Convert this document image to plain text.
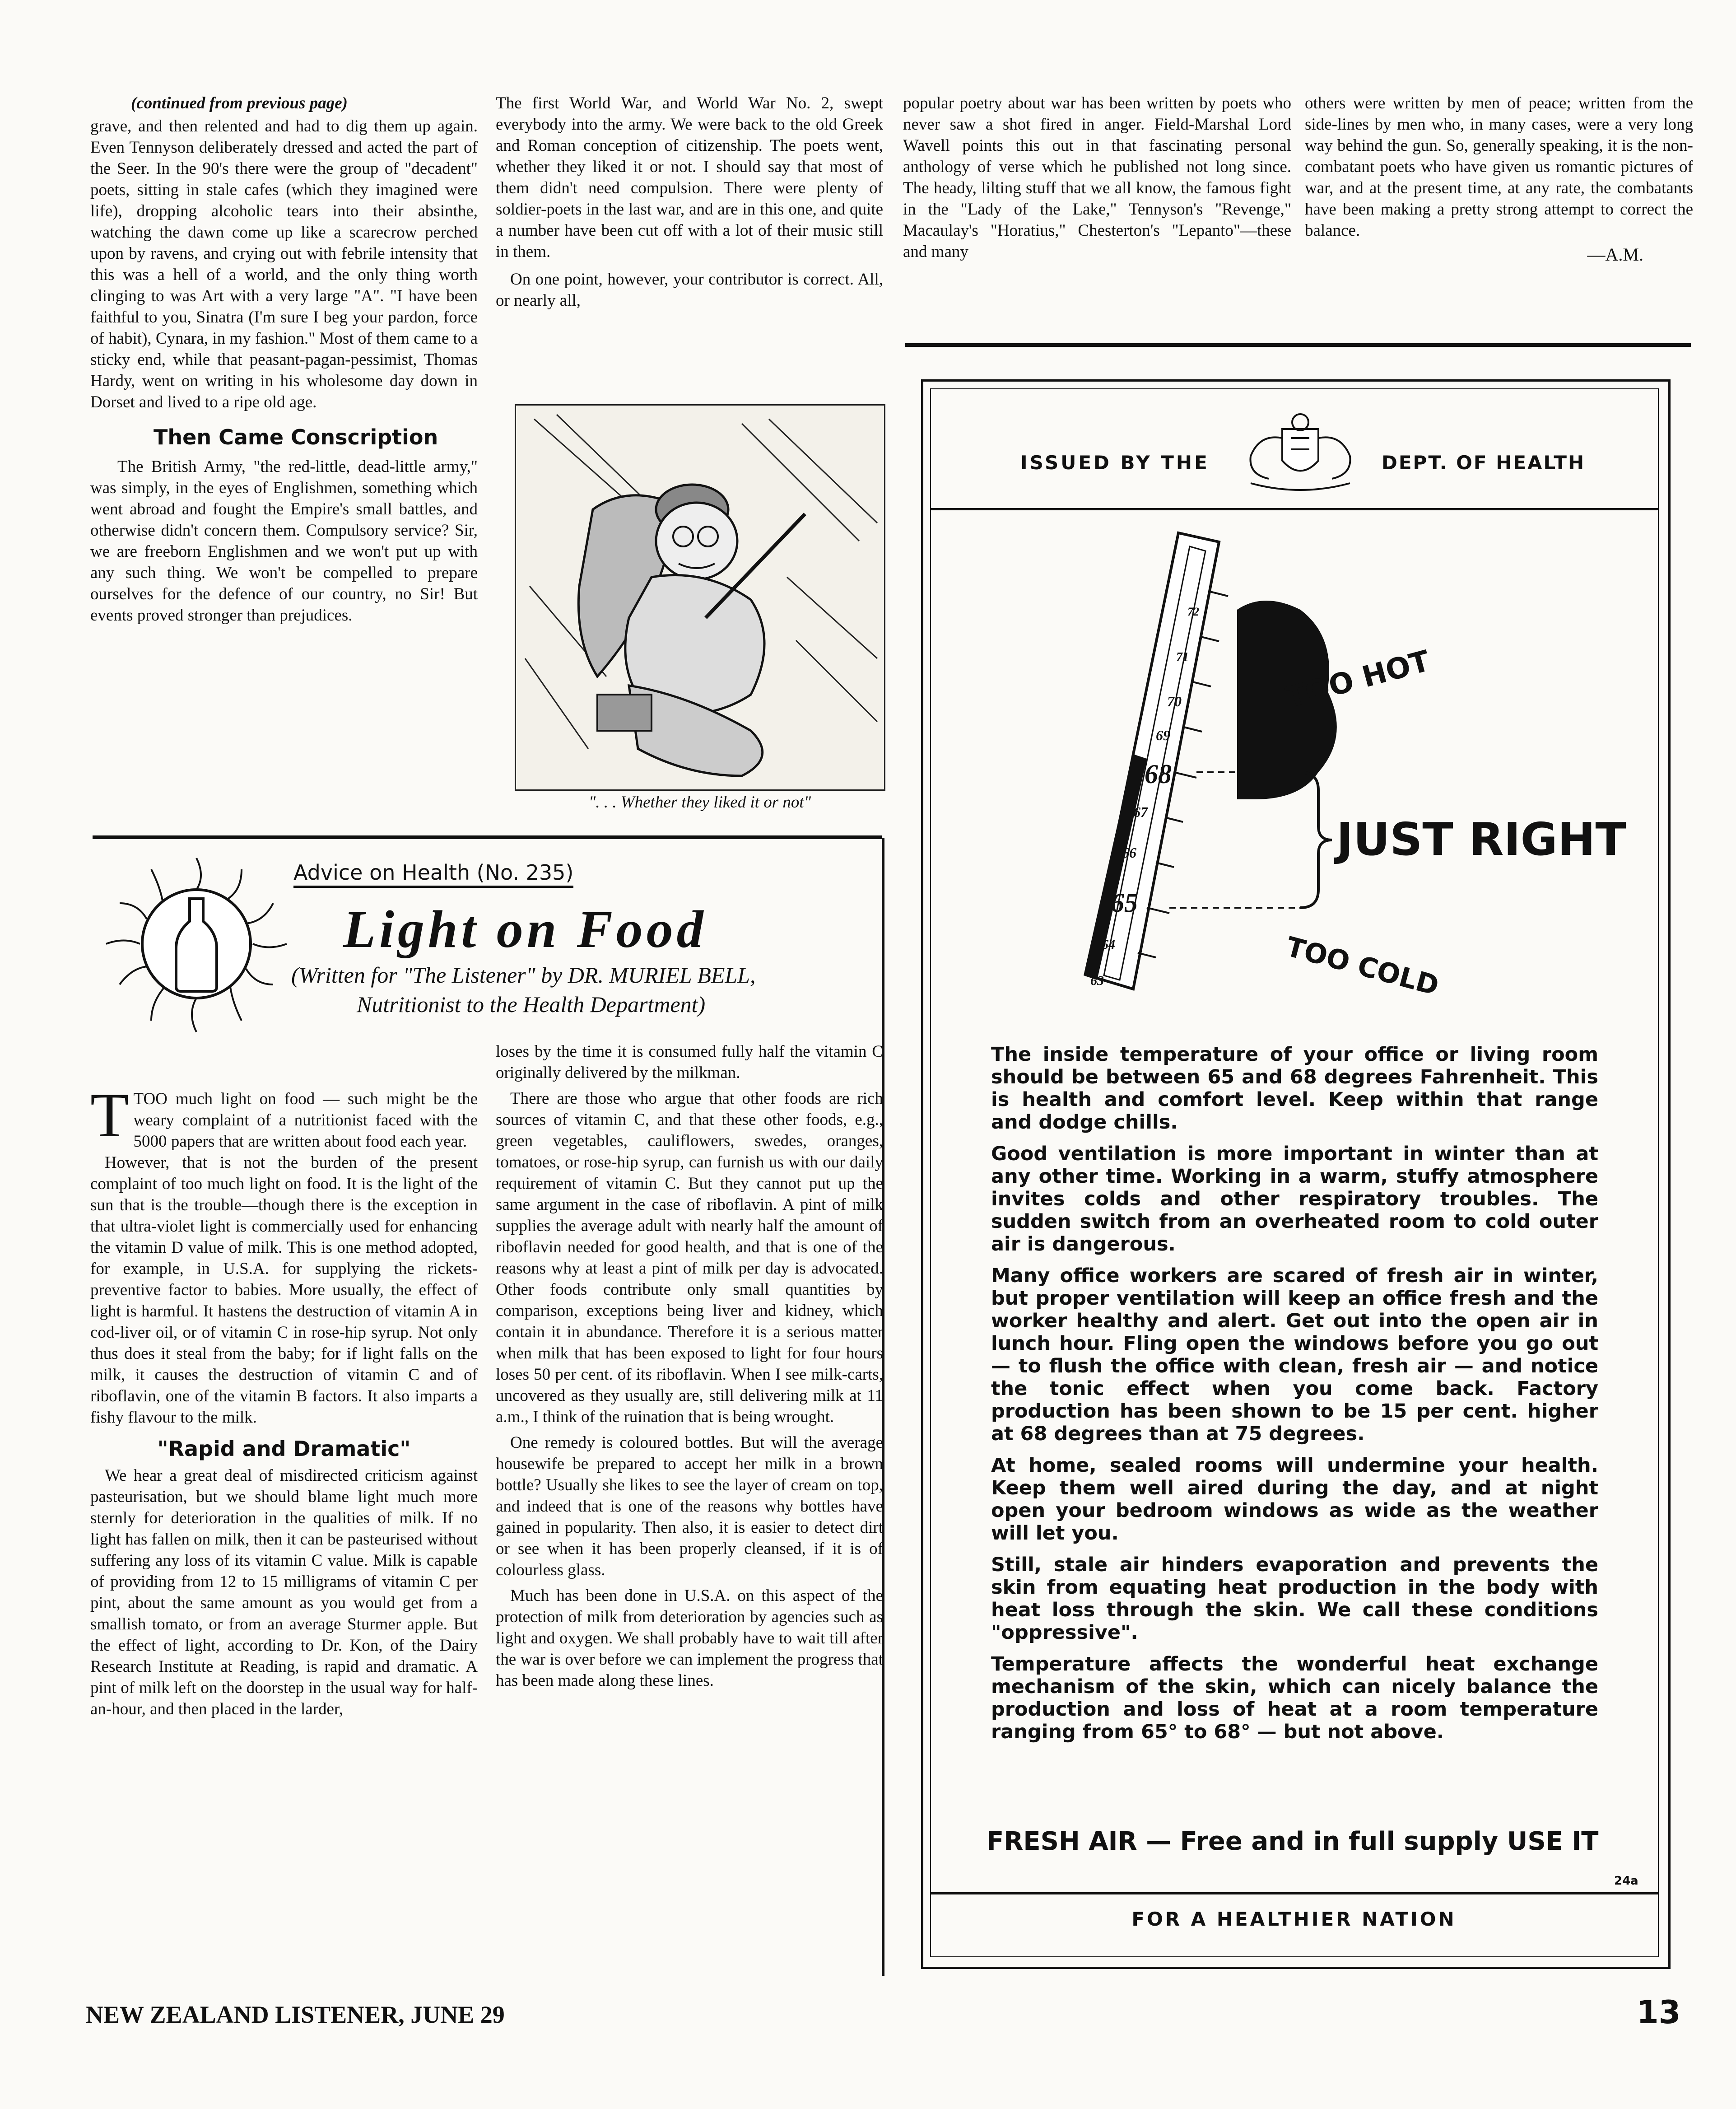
(continued from previous page)

grave, and then relented and had to dig them up again. Even Tennyson deliberately dressed and acted the part of the Seer. In the 90's there were the group of "decadent" poets, sitting in stale cafes (which they imagined were life), dropping alcoholic tears into their absinthe, watching the dawn come up like a scarecrow perched upon by ravens, and crying out with febrile intensity that this was a hell of a world, and the only thing worth clinging to was Art with a very large "A". "I have been faithful to you, Sinatra (I'm sure I beg your pardon, force of habit), Cynara, in my fashion." Most of them came to a sticky end, while that peasant-pagan-pessimist, Thomas Hardy, went on writing in his wholesome day down in Dorset and lived to a ripe old age.

Then Came Conscription

The British Army, "the red-little, dead-little army," was simply, in the eyes of Englishmen, something which went abroad and fought the Empire's small battles, and otherwise didn't concern them. Compulsory service? Sir, we are freeborn Englishmen and we won't put up with any such thing. We won't be compelled to prepare ourselves for the defence of our country, no Sir! But events proved stronger than prejudices.

The first World War, and World War No. 2, swept everybody into the army. We were back to the old Greek and Roman conception of citizenship. The poets went, whether they liked it or not. I should say that most of them didn't need compulsion. There were plenty of soldier-poets in the last war, and are in this one, and quite a number have been cut off with a lot of their music still in them.

On one point, however, your contributor is correct. All, or nearly all,

". . . Whether they liked it or not"

popular poetry about war has been written by poets who never saw a shot fired in anger. Field-Marshal Lord Wavell points this out in that fascinating personal anthology of verse which he published not long since. The heady, lilting stuff that we all know, the famous fight in the "Lady of the Lake," Tennyson's "Revenge," Macaulay's "Horatius," Chesterton's "Lepanto"—these and many

others were written by men of peace; written from the side-lines by men who, in many cases, were a very long way behind the gun. So, generally speaking, it is the non-combatant poets who have given us romantic pictures of war, and at the present time, at any rate, the combatants have been making a pretty strong attempt to correct the balance.

—A.M.
Advice on Health (No. 235)
Light on Food
(Written for "The Listener" by DR. MURIEL BELL,
Nutritionist to the Health Department)

T TOO much light on food — such might be the weary complaint of a nutritionist faced with the 5000 papers that are written about food each year.

However, that is not the burden of the present complaint of too much light on food. It is the light of the sun that is the trouble—though there is the exception in that ultra-violet light is commercially used for enhancing the vitamin D value of milk. This is one method adopted, for example, in U.S.A. for supplying the rickets-preventive factor to babies. More usually, the effect of light is harmful. It hastens the destruction of vitamin A in cod-liver oil, or of vitamin C in rose-hip syrup. Not only thus does it steal from the baby; for if light falls on the milk, it causes the destruction of vitamin C and of riboflavin, one of the vitamin B factors. It also imparts a fishy flavour to the milk.

"Rapid and Dramatic"

We hear a great deal of misdirected criticism against pasteurisation, but we should blame light much more sternly for deterioration in the qualities of milk. If no light has fallen on milk, then it can be pasteurised without suffering any loss of its vitamin C value. Milk is capable of providing from 12 to 15 milligrams of vitamin C per pint, about the same amount as you would get from a smallish tomato, or from an average Sturmer apple. But the effect of light, according to Dr. Kon, of the Dairy Research Institute at Reading, is rapid and dramatic. A pint of milk left on the doorstep in the usual way for half-an-hour, and then placed in the larder,

loses by the time it is consumed fully half the vitamin C originally delivered by the milkman.

There are those who argue that other foods are rich sources of vitamin C, and that these other foods, e.g., green vegetables, cauliflowers, swedes, oranges, tomatoes, or rose-hip syrup, can furnish us with our daily requirement of vitamin C. But they cannot put up the same argument in the case of riboflavin. A pint of milk supplies the average adult with nearly half the amount of riboflavin needed for good health, and that is one of the reasons why at least a pint of milk per day is advocated. Other foods contribute only small quantities by comparison, exceptions being liver and kidney, which contain it in abundance. Therefore it is a serious matter when milk that has been exposed to light for four hours loses 50 per cent. of its riboflavin. When I see milk-carts, uncovered as they usually are, still delivering milk at 11 a.m., I think of the ruination that is being wrought.

One remedy is coloured bottles. But will the average housewife be prepared to accept her milk in a brown bottle? Usually she likes to see the layer of cream on top, and indeed that is one of the reasons why bottles have gained in popularity. Then also, it is easier to detect dirt or see when it has been properly cleansed, if it is of colourless glass.

Much has been done in U.S.A. on this aspect of the protection of milk from deterioration by agencies such as light and oxygen. We shall probably have to wait till after the war is over before we can implement the progress that has been made along these lines.

ISSUED BY THE	DEPT. OF HEALTH
72
71
70
69
68
67
66
65
64
63
TOO HOT
JUST RIGHT
TOO COLD

The inside temperature of your office or living room should be between 65 and 68 degrees Fahrenheit. This is health and comfort level. Keep within that range and dodge chills.

Good ventilation is more important in winter than at any other time. Working in a warm, stuffy atmosphere invites colds and other respiratory troubles. The sudden switch from an overheated room to cold outer air is dangerous.

Many office workers are scared of fresh air in winter, but proper ventilation will keep an office fresh and the worker healthy and alert. Get out into the open air in lunch hour. Fling open the windows before you go out — to flush the office with clean, fresh air — and notice the tonic effect when you come back. Factory production has been shown to be 15 per cent. higher at 68 degrees than at 75 degrees.

At home, sealed rooms will undermine your health. Keep them well aired during the day, and at night open your bedroom windows as wide as the weather will let you.

Still, stale air hinders evaporation and prevents the skin from equating heat production in the body with heat loss through the skin. We call these conditions "oppressive".

Temperature affects the wonderful heat exchange mechanism of the skin, which can nicely balance the production and loss of heat at a room temperature ranging from 65° to 68° — but not above.

FRESH AIR — Free and in full supply USE IT
24a
FOR A HEALTHIER NATION
NEW ZEALAND LISTENER, JUNE 29	13
